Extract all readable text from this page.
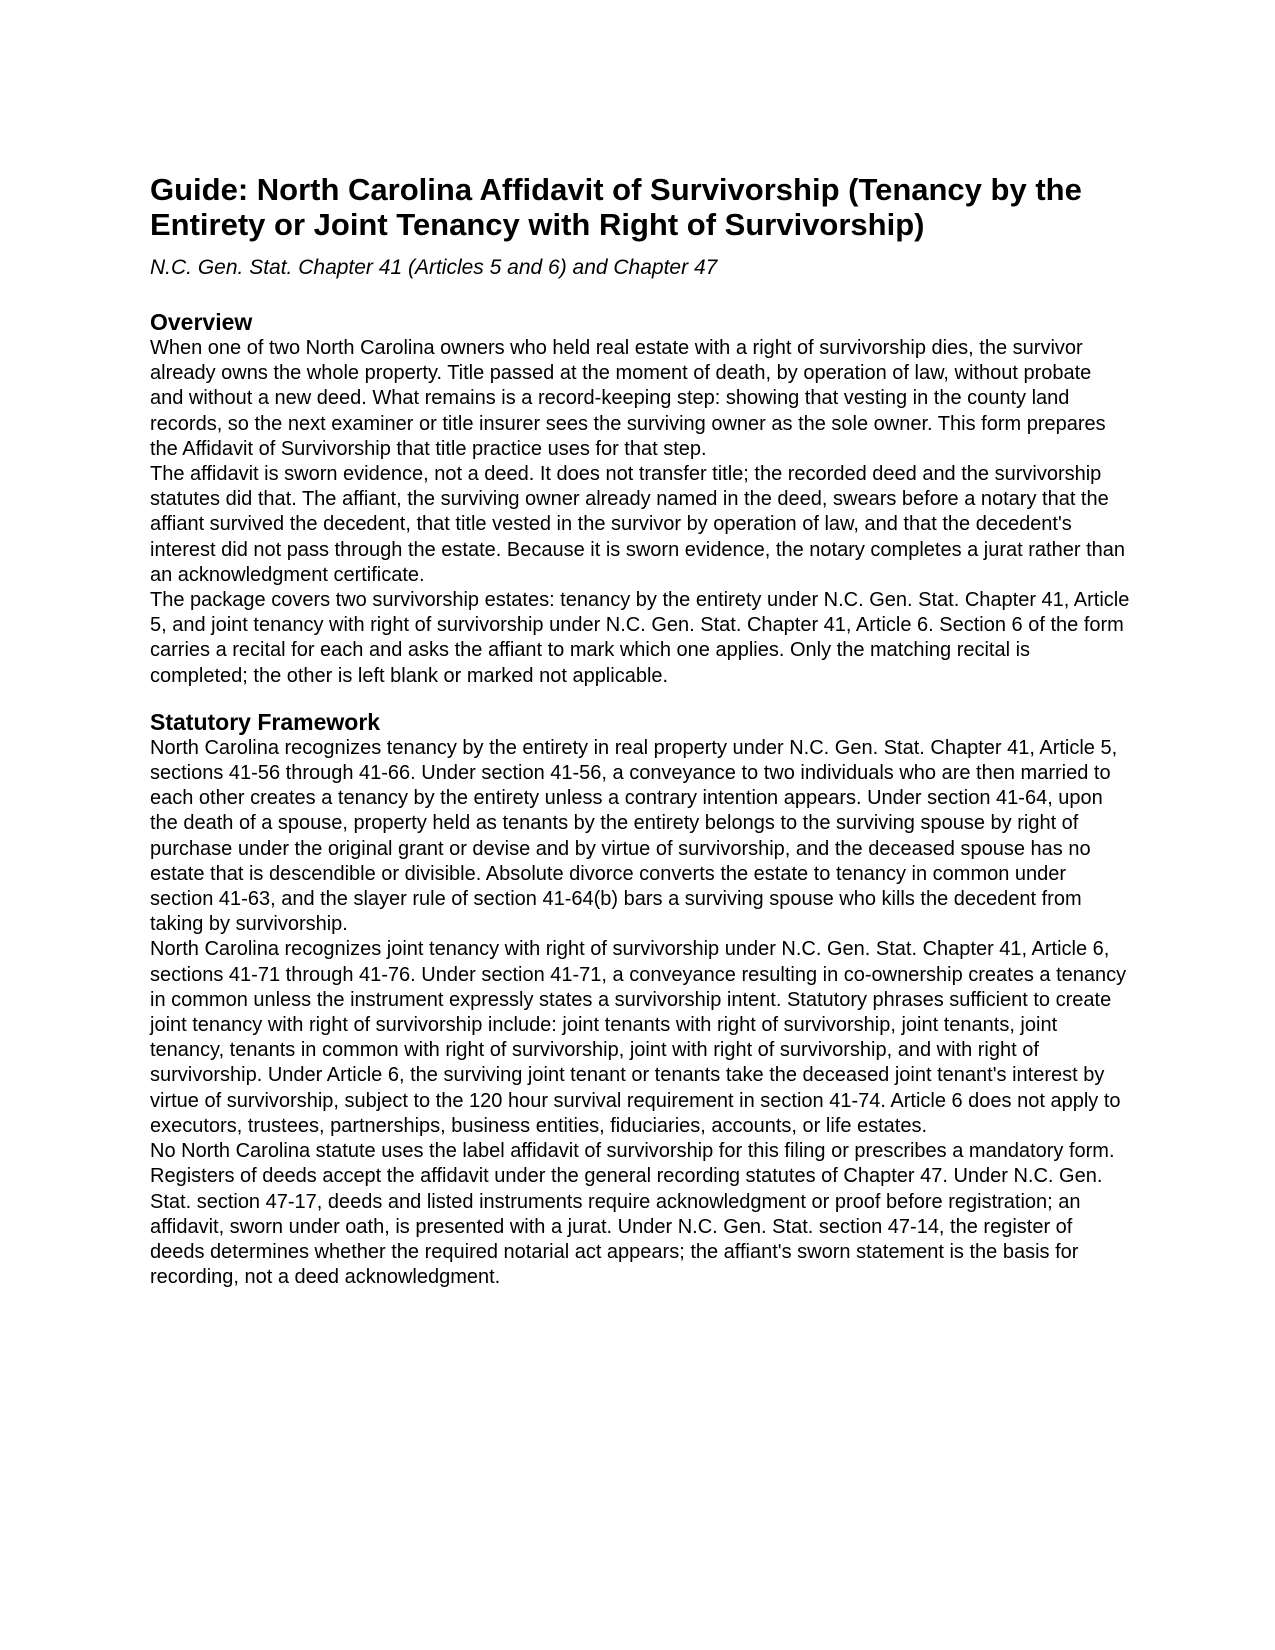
Guide: North Carolina Affidavit of Survivorship (Tenancy by the Entirety or Joint Tenancy with Right of Survivorship)

N.C. Gen. Stat. Chapter 41 (Articles 5 and 6) and Chapter 47

Overview

When one of two North Carolina owners who held real estate with a right of survivorship dies, the survivor already owns the whole property. Title passed at the moment of death, by operation of law, without probate and without a new deed. What remains is a record-keeping step: showing that vesting in the county land records, so the next examiner or title insurer sees the surviving owner as the sole owner. This form prepares the Affidavit of Survivorship that title practice uses for that step.

The affidavit is sworn evidence, not a deed. It does not transfer title; the recorded deed and the survivorship statutes did that. The affiant, the surviving owner already named in the deed, swears before a notary that the affiant survived the decedent, that title vested in the survivor by operation of law, and that the decedent's interest did not pass through the estate. Because it is sworn evidence, the notary completes a jurat rather than an acknowledgment certificate.

The package covers two survivorship estates: tenancy by the entirety under N.C. Gen. Stat. Chapter 41, Article 5, and joint tenancy with right of survivorship under N.C. Gen. Stat. Chapter 41, Article 6. Section 6 of the form carries a recital for each and asks the affiant to mark which one applies. Only the matching recital is completed; the other is left blank or marked not applicable.

Statutory Framework

North Carolina recognizes tenancy by the entirety in real property under N.C. Gen. Stat. Chapter 41, Article 5, sections 41-56 through 41-66. Under section 41-56, a conveyance to two individuals who are then married to each other creates a tenancy by the entirety unless a contrary intention appears. Under section 41-64, upon the death of a spouse, property held as tenants by the entirety belongs to the surviving spouse by right of purchase under the original grant or devise and by virtue of survivorship, and the deceased spouse has no estate that is descendible or divisible. Absolute divorce converts the estate to tenancy in common under section 41-63, and the slayer rule of section 41-64(b) bars a surviving spouse who kills the decedent from taking by survivorship.

North Carolina recognizes joint tenancy with right of survivorship under N.C. Gen. Stat. Chapter 41, Article 6, sections 41-71 through 41-76. Under section 41-71, a conveyance resulting in co-ownership creates a tenancy in common unless the instrument expressly states a survivorship intent. Statutory phrases sufficient to create joint tenancy with right of survivorship include: joint tenants with right of survivorship, joint tenants, joint tenancy, tenants in common with right of survivorship, joint with right of survivorship, and with right of survivorship. Under Article 6, the surviving joint tenant or tenants take the deceased joint tenant's interest by virtue of survivorship, subject to the 120 hour survival requirement in section 41-74. Article 6 does not apply to executors, trustees, partnerships, business entities, fiduciaries, accounts, or life estates.

No North Carolina statute uses the label affidavit of survivorship for this filing or prescribes a mandatory form. Registers of deeds accept the affidavit under the general recording statutes of Chapter 47. Under N.C. Gen. Stat. section 47-17, deeds and listed instruments require acknowledgment or proof before registration; an affidavit, sworn under oath, is presented with a jurat. Under N.C. Gen. Stat. section 47-14, the register of deeds determines whether the required notarial act appears; the affiant's sworn statement is the basis for recording, not a deed acknowledgment.
